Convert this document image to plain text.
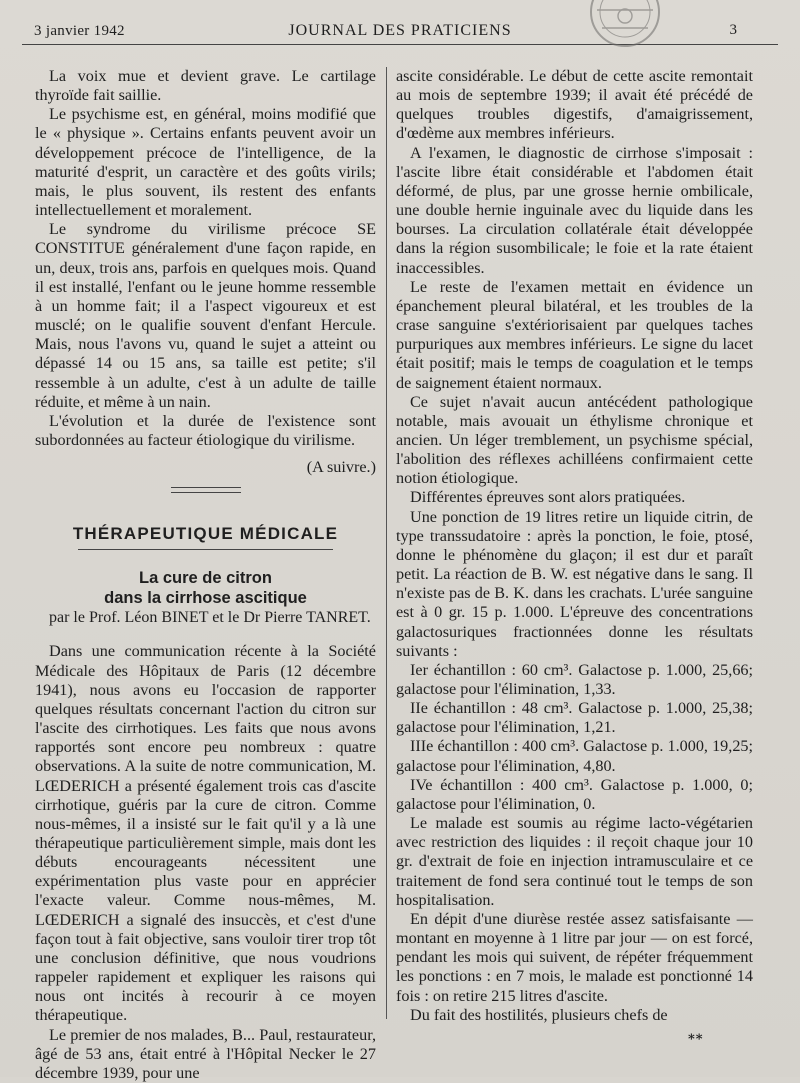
3 janvier 1942	JOURNAL DES PRATICIENS	3

La voix mue et devient grave. Le cartilage thyroïde fait saillie.

Le psychisme est, en général, moins modifié que le « physique ». Certains enfants peuvent avoir un développement précoce de l'intelligence, de la maturité d'esprit, un caractère et des goûts virils; mais, le plus souvent, ils restent des enfants intellectuellement et moralement.

Le syndrome du virilisme précoce SE CONSTITUE généralement d'une façon rapide, en un, deux, trois ans, parfois en quelques mois. Quand il est installé, l'enfant ou le jeune homme ressemble à un homme fait; il a l'aspect vigoureux et est musclé; on le qualifie souvent d'enfant Hercule. Mais, nous l'avons vu, quand le sujet a atteint ou dépassé 14 ou 15 ans, sa taille est petite; s'il ressemble à un adulte, c'est à un adulte de taille réduite, et même à un nain.

L'évolution et la durée de l'existence sont subordonnées au facteur étiologique du virilisme.

(A suivre.)

THÉRAPEUTIQUE MÉDICALE
La cure de citron
dans la cirrhose ascitique

par le Prof. Léon BINET et le Dr Pierre TANRET.

Dans une communication récente à la Société Médicale des Hôpitaux de Paris (12 décembre 1941), nous avons eu l'occasion de rapporter quelques résultats concernant l'action du citron sur l'ascite des cirrhotiques. Les faits que nous avons rapportés sont encore peu nombreux : quatre observations. A la suite de notre communication, M. LŒDERICH a présenté également trois cas d'ascite cirrhotique, guéris par la cure de citron. Comme nous-mêmes, il a insisté sur le fait qu'il y a là une thérapeutique particulièrement simple, mais dont les débuts encourageants nécessitent une expérimentation plus vaste pour en apprécier l'exacte valeur. Comme nous-mêmes, M. LŒDERICH a signalé des insuccès, et c'est d'une façon tout à fait objective, sans vouloir tirer trop tôt une conclusion définitive, que nous voudrions rappeler rapidement et expliquer les raisons qui nous ont incités à recourir à ce moyen thérapeutique.

Le premier de nos malades, B... Paul, restaurateur, âgé de 53 ans, était entré à l'Hôpital Necker le 27 décembre 1939, pour une

ascite considérable. Le début de cette ascite remontait au mois de septembre 1939; il avait été précédé de quelques troubles digestifs, d'amaigrissement, d'œdème aux membres inférieurs.

A l'examen, le diagnostic de cirrhose s'imposait : l'ascite libre était considérable et l'abdomen était déformé, de plus, par une grosse hernie ombilicale, une double hernie inguinale avec du liquide dans les bourses. La circulation collatérale était développée dans la région susombilicale; le foie et la rate étaient inaccessibles.

Le reste de l'examen mettait en évidence un épanchement pleural bilatéral, et les troubles de la crase sanguine s'extériorisaient par quelques taches purpuriques aux membres inférieurs. Le signe du lacet était positif; mais le temps de coagulation et le temps de saignement étaient normaux.

Ce sujet n'avait aucun antécédent pathologique notable, mais avouait un éthylisme chronique et ancien. Un léger tremblement, un psychisme spécial, l'abolition des réflexes achilléens confirmaient cette notion étiologique.

Différentes épreuves sont alors pratiquées.

Une ponction de 19 litres retire un liquide citrin, de type transsudatoire : après la ponction, le foie, ptosé, donne le phénomène du glaçon; il est dur et paraît petit. La réaction de B. W. est négative dans le sang. Il n'existe pas de B. K. dans les crachats. L'urée sanguine est à 0 gr. 15 p. 1.000. L'épreuve des concentrations galactosuriques fractionnées donne les résultats suivants :

Ier échantillon : 60 cm³. Galactose p. 1.000, 25,66; galactose pour l'élimination, 1,33.

IIe échantillon : 48 cm³. Galactose p. 1.000, 25,38; galactose pour l'élimination, 1,21.

IIIe échantillon : 400 cm³. Galactose p. 1.000, 19,25; galactose pour l'élimination, 4,80.

IVe échantillon : 400 cm³. Galactose p. 1.000, 0; galactose pour l'élimination, 0.

Le malade est soumis au régime lacto-végétarien avec restriction des liquides : il reçoit chaque jour 10 gr. d'extrait de foie en injection intramusculaire et ce traitement de fond sera continué tout le temps de son hospitalisation.

En dépit d'une diurèse restée assez satisfaisante — montant en moyenne à 1 litre par jour — on est forcé, pendant les mois qui suivent, de répéter fréquemment les ponctions : en 7 mois, le malade est ponctionné 14 fois : on retire 215 litres d'ascite.

Du fait des hostilités, plusieurs chefs de

**
